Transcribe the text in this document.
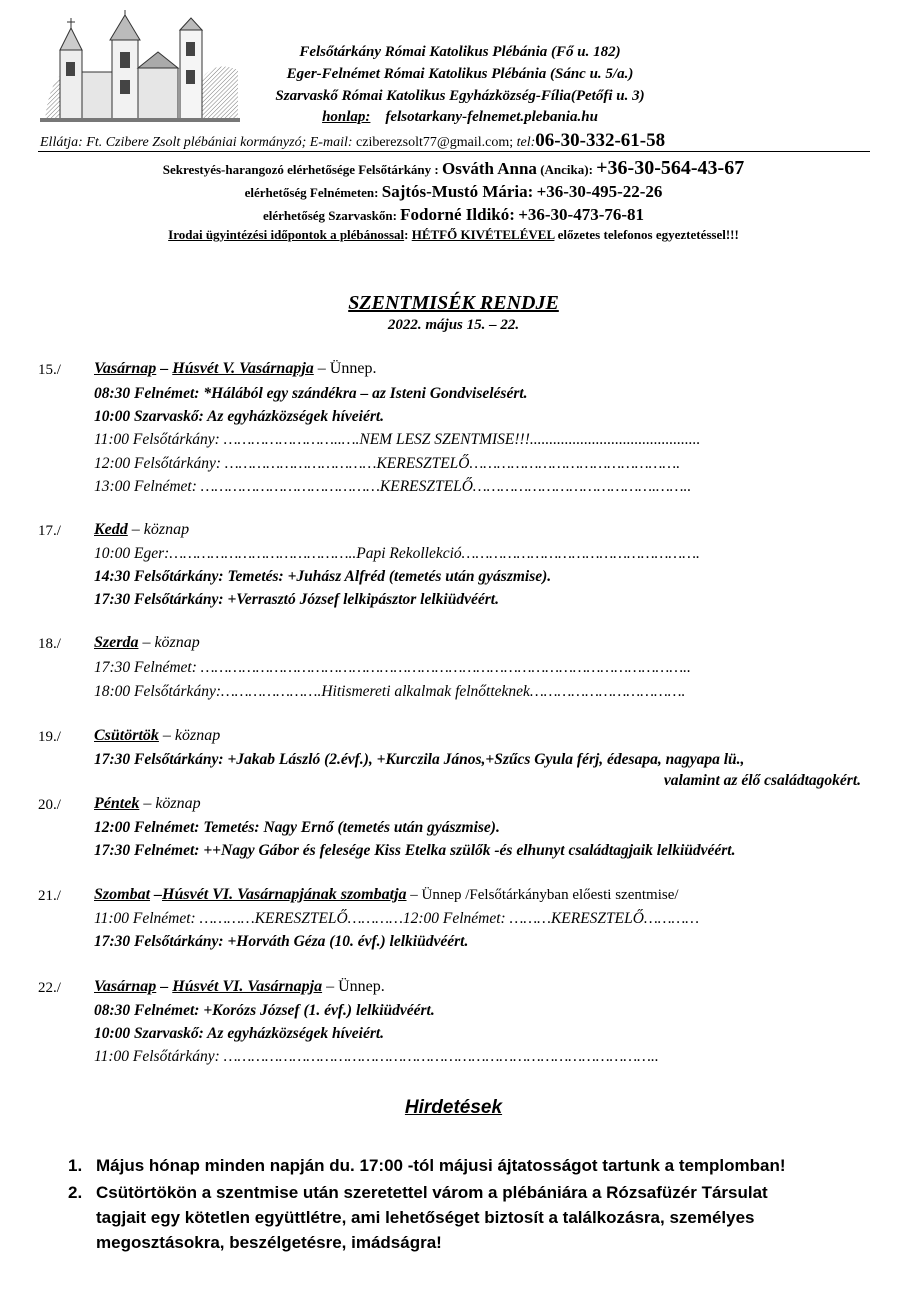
Felsőtárkány Római Katolikus Plébánia (Fő u. 182)
Eger-Felnémet Római Katolikus Plébánia (Sánc u. 5/a.)
Szarvaskő Római Katolikus Egyházközség-Fília(Petőfi u. 3)
honlap: felsotarkany-felnemet.plebania.hu
Ellátja: Ft. Czibere Zsolt plébániai kormányzó; E-mail: cziberezsolt77@gmail.com; tel:06-30-332-61-58
Sekrestyés-harangozó elérhetősége Felsőtárkány : Osváth Anna (Ancika): +36-30-564-43-67
elérhetőség Felnémeten: Sajtós-Mustó Mária: +36-30-495-22-26
elérhetőség Szarvaskőn: Fodorné Ildikó: +36-30-473-76-81
Irodai ügyintézési időpontok a plébánossal: HÉTFŐ KIVÉTELÉVEL előzetes telefonos egyeztetéssel!!!
SZENTMISÉK RENDJE
2022. május 15. – 22.
15./ Vasárnap – Húsvét V. Vasárnapja – Ünnep.
08:30 Felnémet: *Hálából egy szándékra – az Isteni Gondviselésért.
10:00 Szarvaskő: Az egyházközségek híveiért.
11:00 Felsőtárkány: ……………………..….NEM LESZ SZENTMISE!!!............................................
12:00 Felsőtárkány: ……………………………KERESZTELŐ……………………………………….
13:00 Felnémet: …………………………………KERESZTELŐ………………………………….……..
17./ Kedd – köznap
10:00 Eger:…………………………………..Papi Rekollekció…………………………………………….
14:30 Felsőtárkány: Temetés: +Juhász Alfréd (temetés után gyászmise).
17:30 Felsőtárkány: +Verrasztó József lelkipásztor lelkiüdvéért.
18./ Szerda – köznap
17:30 Felnémet: ……………………………………………………………………………………………..
18:00 Felsőtárkány:………………….Hitismereti alkalmak felnőtteknek…………………………….
19./ Csütörtök – köznap
17:30 Felsőtárkány: +Jakab László (2.évf.), +Kurczila János,+Szűcs Gyula férj, édesapa, nagyapa lü.,
valamint az élő családtagokért.
20./ Péntek – köznap
12:00 Felnémet: Temetés: Nagy Ernő (temetés után gyászmise).
17:30 Felnémet: ++Nagy Gábor és felesége Kiss Etelka szülők -és elhunyt családtagjaik lelkiüdvéért.
21./ Szombat –Húsvét VI. Vasárnapjának szombatja – Ünnep /Felsőtárkányban előesti szentmise/
11:00 Felnémet: …………KERESZTELŐ…………12:00 Felnémet: ………KERESZTELŐ…………
17:30 Felsőtárkány: +Horváth Géza (10. évf.) lelkiüdvéért.
22./ Vasárnap – Húsvét VI. Vasárnapja – Ünnep.
08:30 Felnémet: +Korózs József (1. évf.) lelkiüdvéért.
10:00 Szarvaskő: Az egyházközségek híveiért.
11:00 Felsőtárkány: …………………………………………………………………………………..
Hirdetések
1. Május hónap minden napján du. 17:00 -tól májusi ájtatosságot tartunk a templomban!
2. Csütörtökön a szentmise után szeretettel várom a plébániára a Rózsafüzér Társulat
tagjait egy kötetlen együttlétre, ami lehetőséget biztosít a találkozásra, személyes
megosztásokra, beszélgetésre, imádságra!
